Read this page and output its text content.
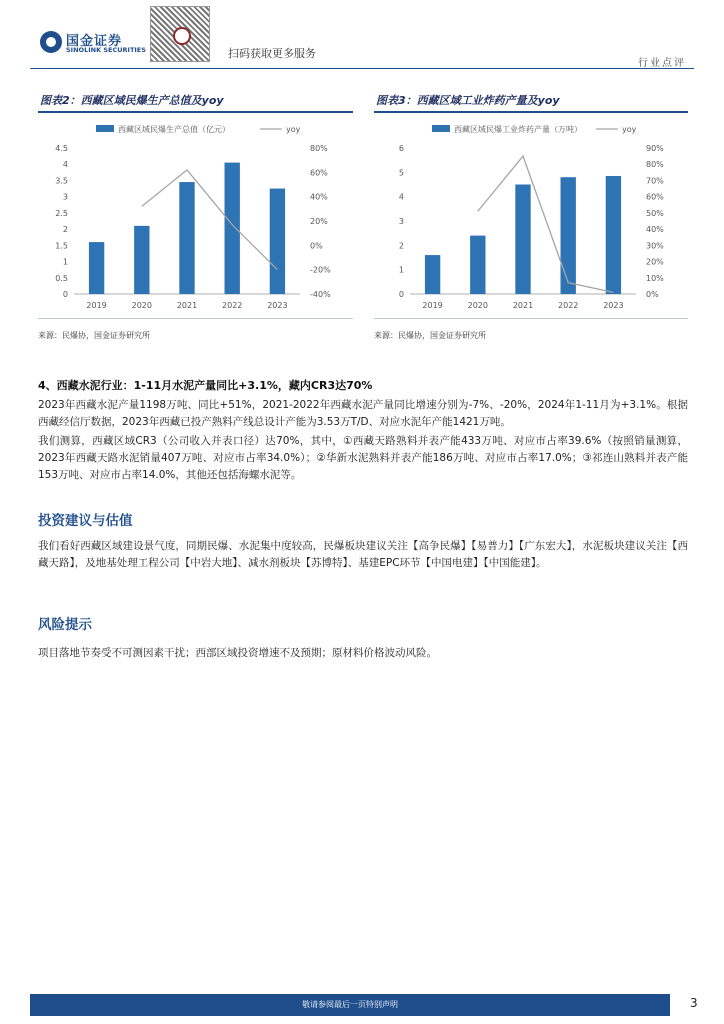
国金证券
SINOLINK SECURITIES	扫码获取更多服务
行业点评
图表2：西藏区域民爆生产总值及yoy
西藏区域民爆生产总值（亿元）	yoy
0
0.5
1
1.5
2
2.5
3
3.5
4
4.5
-40%
-20%
0%
20%
40%
60%
80%
2019	2020	2021	2022	2023
来源：民爆协，国金证券研究所
图表3：西藏区域工业炸药产量及yoy
西藏区域民爆工业炸药产量（万吨）	yoy
0
1
2
3
4
5
6
0%
10%
20%
30%
40%
50%
60%
70%
80%
90%
2019	2020	2021	2022	2023
来源：民爆协，国金证券研究所
4、西藏水泥行业：1-11月水泥产量同比+3.1%，藏内CR3达70%
2023年西藏水泥产量1198万吨、同比+51%，2021-2022年西藏水泥产量同比增速分别为-7%、-20%，2024年1-11月为+3.1%。根据西藏经信厅数据，2023年西藏已投产熟料产线总设计产能为3.53万T/D、对应水泥年产能1421万吨。
我们测算，西藏区域CR3（公司收入并表口径）达70%，其中，①西藏天路熟料并表产能433万吨、对应市占率39.6%（按照销量测算，2023年西藏天路水泥销量407万吨、对应市占率34.0%）；②华新水泥熟料并表产能186万吨、对应市占率17.0%；③祁连山熟料并表产能153万吨、对应市占率14.0%，其他还包括海螺水泥等。
投资建议与估值
我们看好西藏区域建设景气度，同期民爆、水泥集中度较高，民爆板块建议关注【高争民爆】【易普力】【广东宏大】，水泥板块建议关注【西藏天路】，及地基处理工程公司【中岩大地】、减水剂板块【苏博特】、基建EPC环节【中国电建】【中国能建】。
风险提示
项目落地节奏受不可测因素干扰；西部区域投资增速不及预期；原材料价格波动风险。
敬请参阅最后一页特别声明	3
